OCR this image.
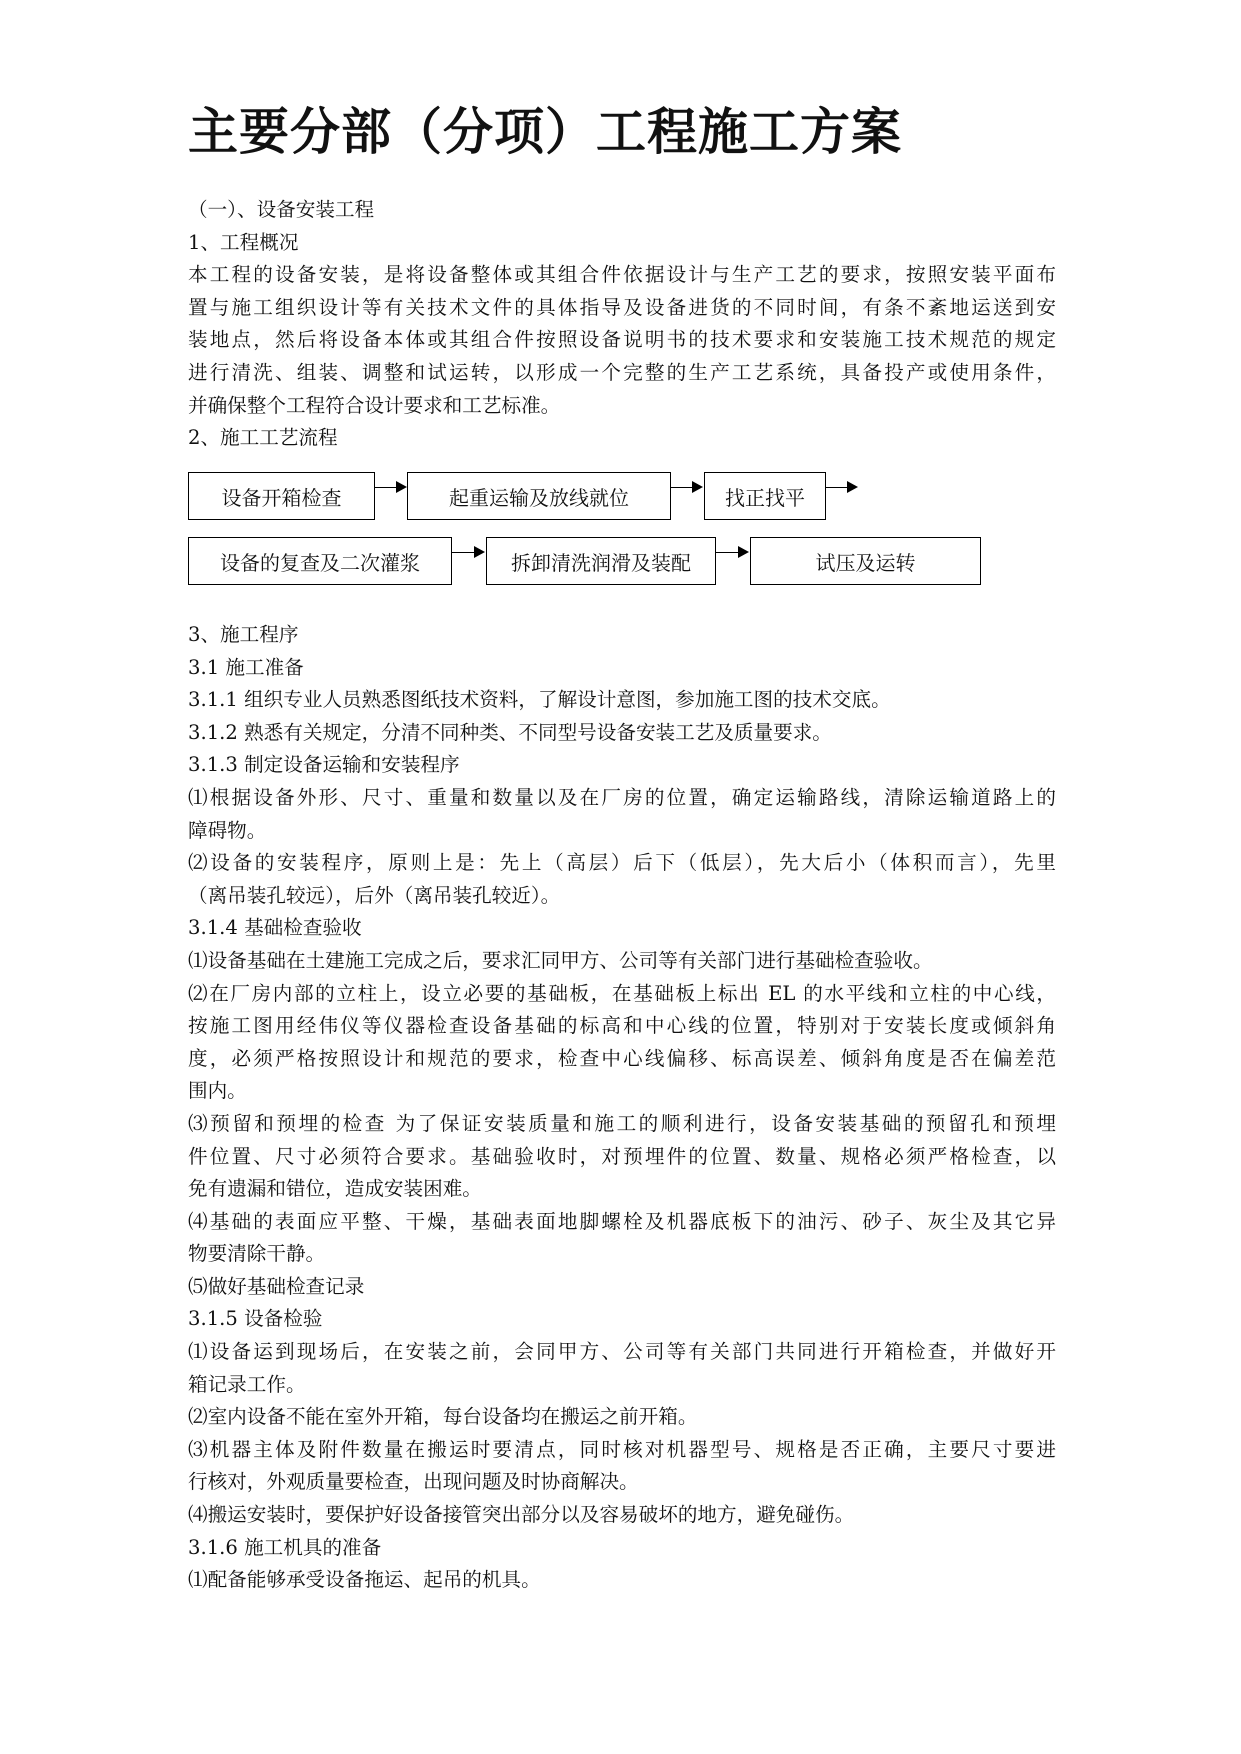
主要分部（分项）工程施工方案
（一）、设备安装工程
1、工程概况
本工程的设备安装，是将设备整体或其组合件依据设计与生产工艺的要求，按照安装平面布
置与施工组织设计等有关技术文件的具体指导及设备进货的不同时间，有条不紊地运送到安
装地点，然后将设备本体或其组合件按照设备说明书的技术要求和安装施工技术规范的规定
进行清洗、组装、调整和试运转，以形成一个完整的生产工艺系统，具备投产或使用条件，
并确保整个工程符合设计要求和工艺标准。
2、施工工艺流程
设备开箱检查	起重运输及放线就位	找正找平
设备的复查及二次灌浆	拆卸清洗润滑及装配	试压及运转
3、施工程序
3.1 施工准备
3.1.1 组织专业人员熟悉图纸技术资料，了解设计意图，参加施工图的技术交底。
3.1.2 熟悉有关规定，分清不同种类、不同型号设备安装工艺及质量要求。
3.1.3 制定设备运输和安装程序
⑴根据设备外形、尺寸、重量和数量以及在厂房的位置，确定运输路线，清除运输道路上的
障碍物。
⑵设备的安装程序，原则上是：先上（高层）后下（低层），先大后小（体积而言），先里
（离吊装孔较远），后外（离吊装孔较近）。
3.1.4 基础检查验收
⑴设备基础在土建施工完成之后，要求汇同甲方、公司等有关部门进行基础检查验收。
⑵在厂房内部的立柱上，设立必要的基础板，在基础板上标出 EL 的水平线和立柱的中心线，
按施工图用经伟仪等仪器检查设备基础的标高和中心线的位置，特别对于安装长度或倾斜角
度，必须严格按照设计和规范的要求，检查中心线偏移、标高误差、倾斜角度是否在偏差范
围内。
⑶预留和预埋的检查 为了保证安装质量和施工的顺利进行，设备安装基础的预留孔和预埋
件位置、尺寸必须符合要求。基础验收时，对预埋件的位置、数量、规格必须严格检查，以
免有遗漏和错位，造成安装困难。
⑷基础的表面应平整、干燥，基础表面地脚螺栓及机器底板下的油污、砂子、灰尘及其它异
物要清除干静。
⑸做好基础检查记录
3.1.5 设备检验
⑴设备运到现场后，在安装之前，会同甲方、公司等有关部门共同进行开箱检查，并做好开
箱记录工作。
⑵室内设备不能在室外开箱，每台设备均在搬运之前开箱。
⑶机器主体及附件数量在搬运时要清点，同时核对机器型号、规格是否正确，主要尺寸要进
行核对，外观质量要检查，出现问题及时协商解决。
⑷搬运安装时，要保护好设备接管突出部分以及容易破坏的地方，避免碰伤。
3.1.6 施工机具的准备
⑴配备能够承受设备拖运、起吊的机具。
